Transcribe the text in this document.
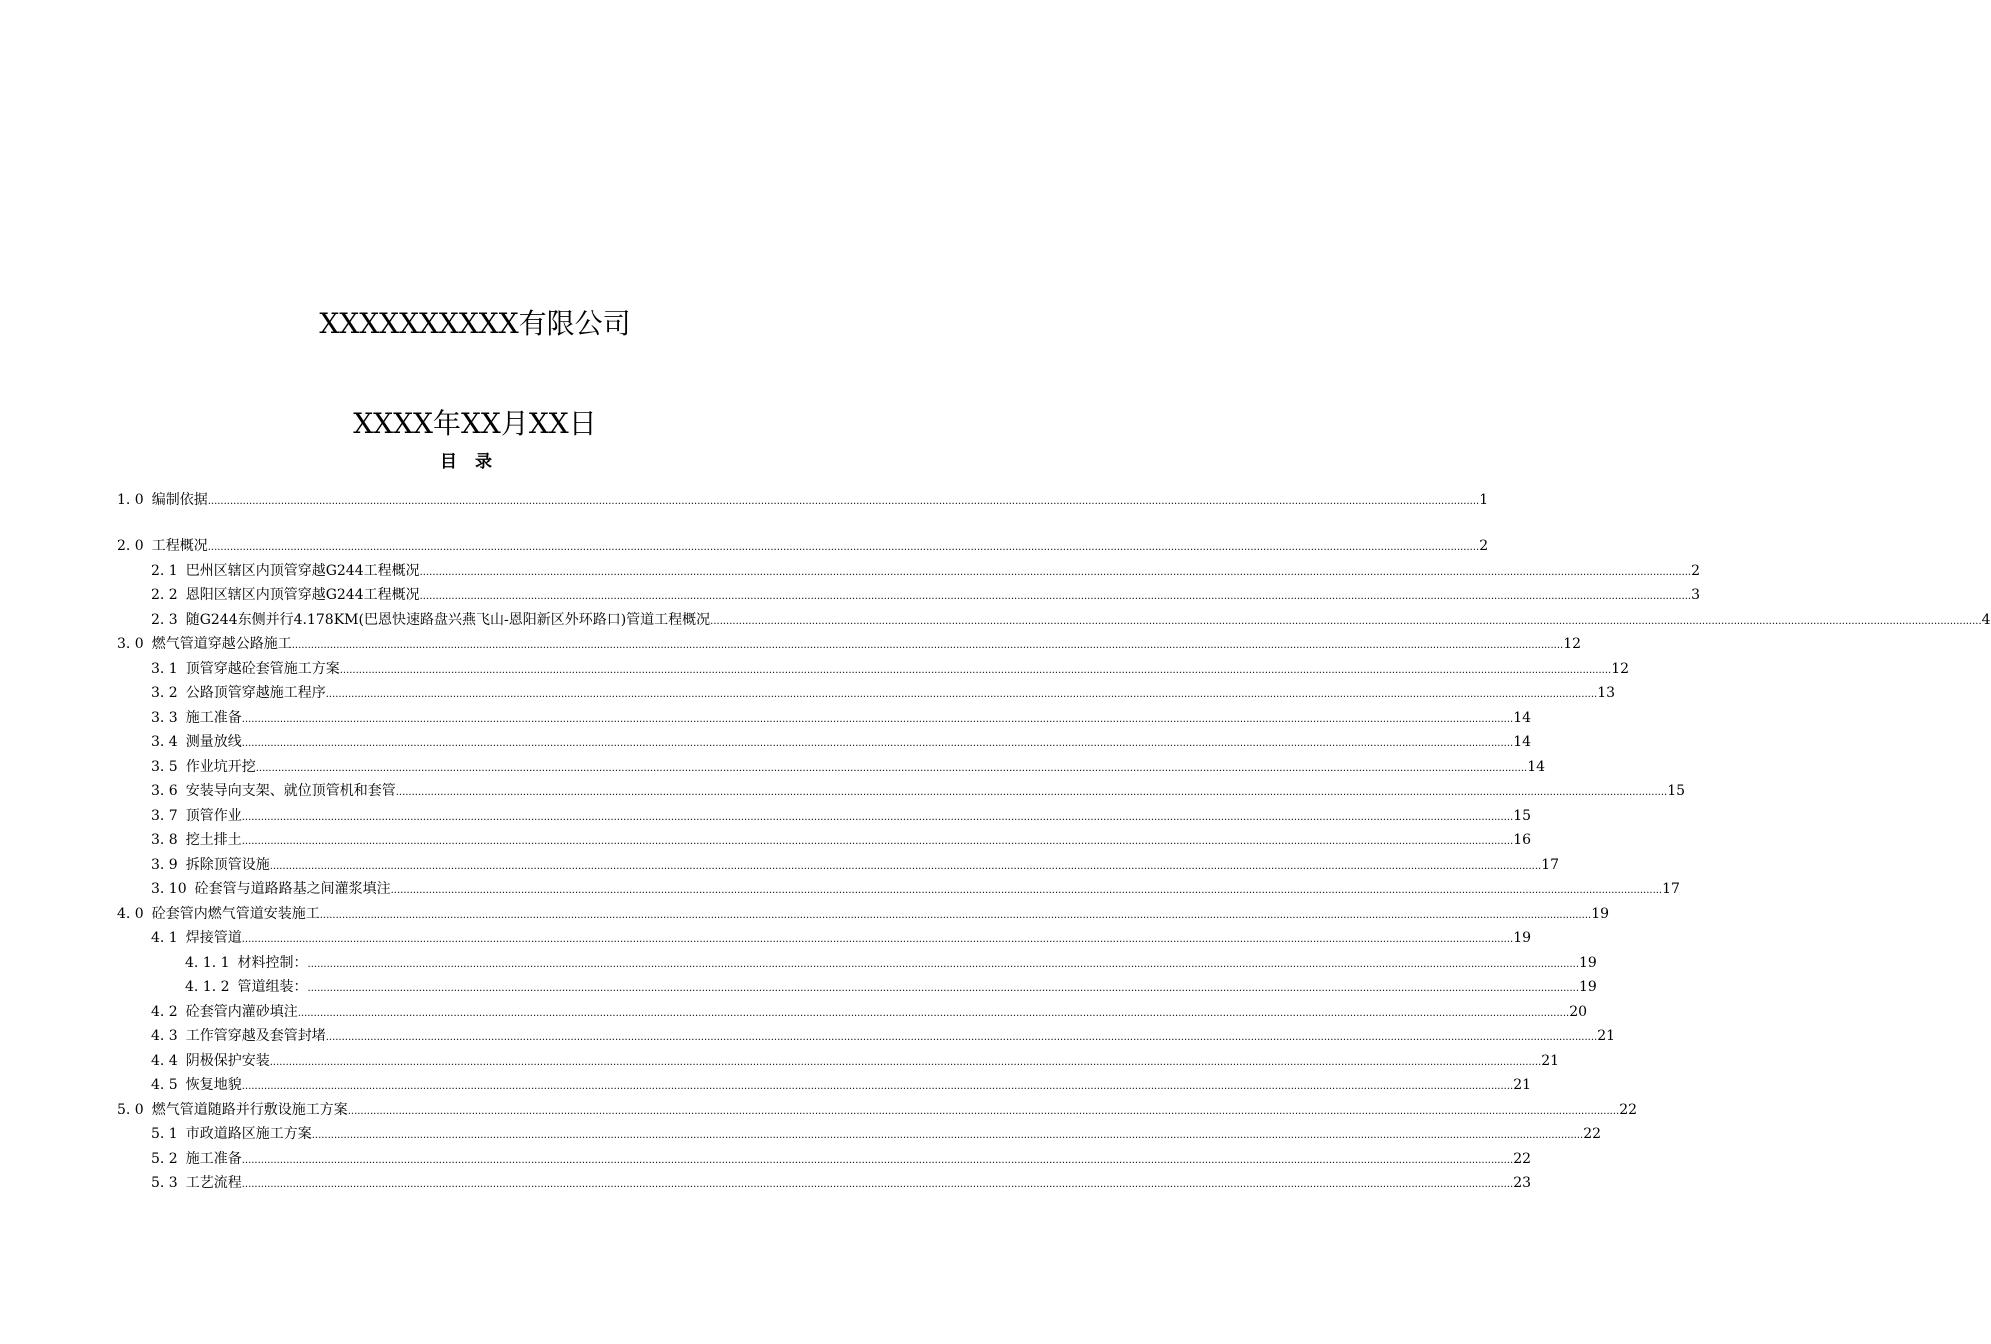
XXXXXXXXXX有限公司
XXXX年XX月XX日
目录
1. 0 编制依据 ................................................................................................................................................................................................................................................................................................................................................................................................................ 1
2. 0 工程概况 ................................................................................................................................................................................................................................................................................................................................................................................................................ 2
2. 1 巴州区辖区内顶管穿越G244工程概况 ................................................................................................................................................................................................................................................................................................................................................................................................................ 2
2. 2 恩阳区辖区内顶管穿越G244工程概况 ................................................................................................................................................................................................................................................................................................................................................................................................................ 3
2. 3 随G244东侧并行4.178KM(巴恩快速路盘兴燕飞山-恩阳新区外环路口)管道工程概况 ................................................................................................................................................................................................................................................................................................................................................................................................................ 4
3. 0 燃气管道穿越公路施工 ................................................................................................................................................................................................................................................................................................................................................................................................................ 12
3. 1 顶管穿越砼套管施工方案 ................................................................................................................................................................................................................................................................................................................................................................................................................ 12
3. 2 公路顶管穿越施工程序 ................................................................................................................................................................................................................................................................................................................................................................................................................ 13
3. 3 施工准备 ................................................................................................................................................................................................................................................................................................................................................................................................................ 14
3. 4 测量放线 ................................................................................................................................................................................................................................................................................................................................................................................................................ 14
3. 5 作业坑开挖 ................................................................................................................................................................................................................................................................................................................................................................................................................ 14
3. 6 安装导向支架、就位顶管机和套管 ................................................................................................................................................................................................................................................................................................................................................................................................................ 15
3. 7 顶管作业 ................................................................................................................................................................................................................................................................................................................................................................................................................ 15
3. 8 挖土排土 ................................................................................................................................................................................................................................................................................................................................................................................................................ 16
3. 9 拆除顶管设施 ................................................................................................................................................................................................................................................................................................................................................................................................................ 17
3. 10 砼套管与道路路基之间灌浆填注 ................................................................................................................................................................................................................................................................................................................................................................................................................ 17
4. 0 砼套管内燃气管道安装施工 ................................................................................................................................................................................................................................................................................................................................................................................................................ 19
4. 1 焊接管道 ................................................................................................................................................................................................................................................................................................................................................................................................................ 19
4. 1. 1 材料控制： ................................................................................................................................................................................................................................................................................................................................................................................................................ 19
4. 1. 2 管道组装： ................................................................................................................................................................................................................................................................................................................................................................................................................ 19
4. 2 砼套管内灌砂填注 ................................................................................................................................................................................................................................................................................................................................................................................................................ 20
4. 3 工作管穿越及套管封堵 ................................................................................................................................................................................................................................................................................................................................................................................................................ 21
4. 4 阴极保护安装 ................................................................................................................................................................................................................................................................................................................................................................................................................ 21
4. 5 恢复地貌 ................................................................................................................................................................................................................................................................................................................................................................................................................ 21
5. 0 燃气管道随路并行敷设施工方案 ................................................................................................................................................................................................................................................................................................................................................................................................................ 22
5. 1 市政道路区施工方案 ................................................................................................................................................................................................................................................................................................................................................................................................................ 22
5. 2 施工准备 ................................................................................................................................................................................................................................................................................................................................................................................................................ 22
5. 3 工艺流程 ................................................................................................................................................................................................................................................................................................................................................................................................................ 23
